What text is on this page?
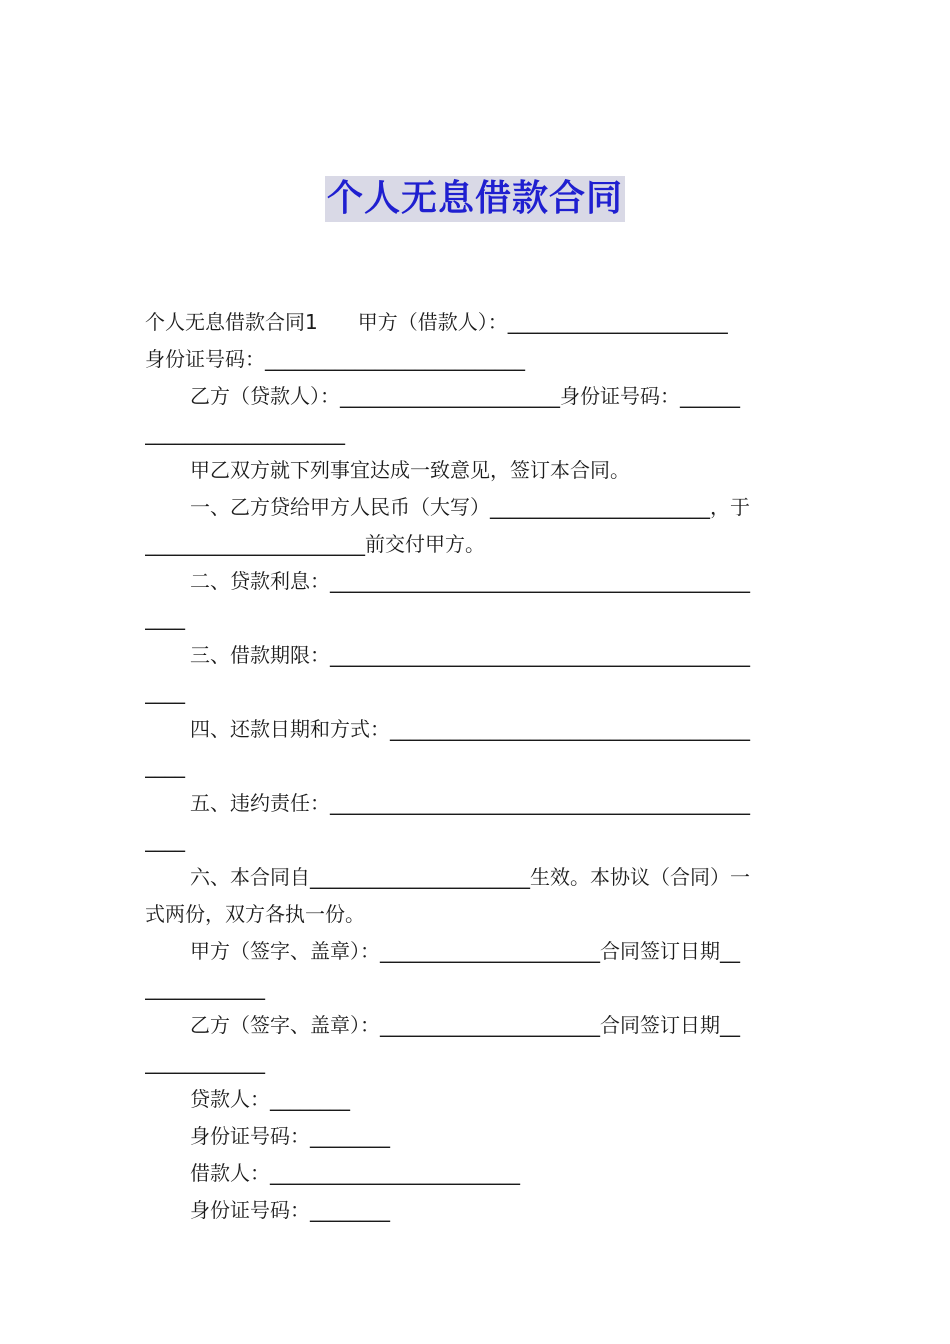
个人无息借款合同
个人无息借款合同1　　甲方（借款人）：______________________
身份证号码：__________________________
乙方（贷款人）：______________________身份证号码：______
____________________
甲乙双方就下列事宜达成一致意见，签订本合同。
一、乙方贷给甲方人民币（大写）______________________，于
______________________前交付甲方。
二、贷款利息：__________________________________________
____
三、借款期限：__________________________________________
____
四、还款日期和方式：____________________________________
____
五、违约责任：__________________________________________
____
六、本合同自______________________生效。本协议（合同）一
式两份，双方各执一份。
甲方（签字、盖章）：______________________合同签订日期__
____________
乙方（签字、盖章）：______________________合同签订日期__
____________
贷款人：________
身份证号码：________
借款人：_________________________
身份证号码：________
